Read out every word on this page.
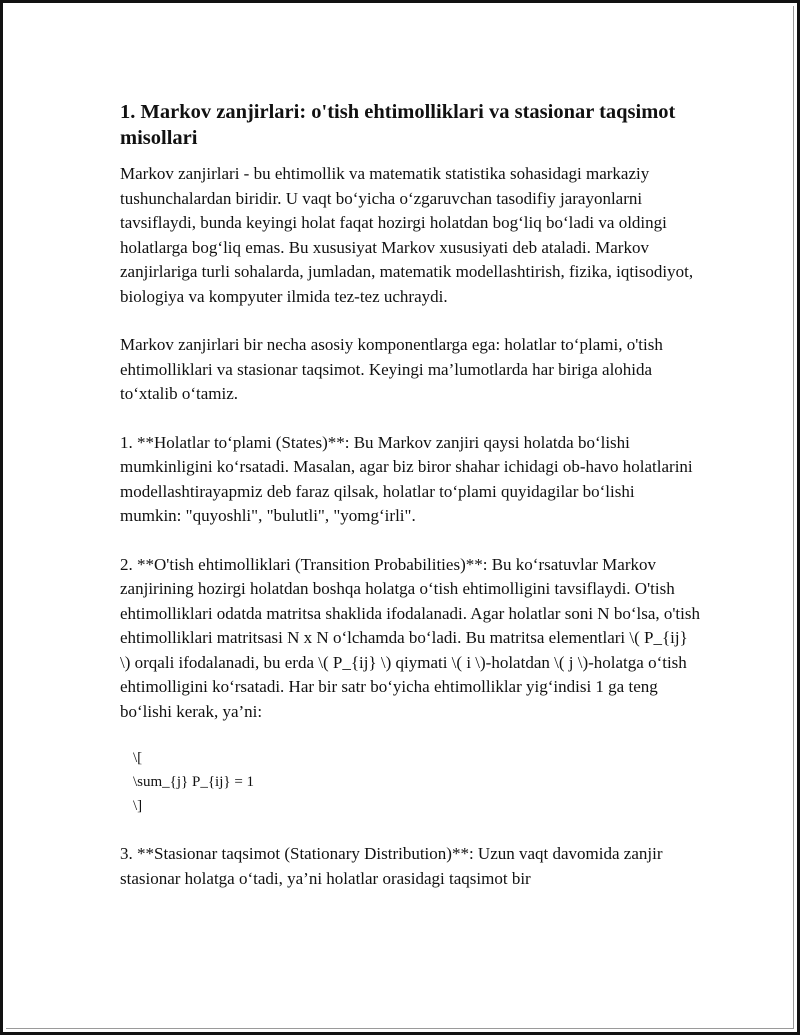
1. Markov zanjirlari: o'tish ehtimolliklari va stasionar taqsimot misollari

Markov zanjirlari - bu ehtimollik va matematik statistika sohasidagi markaziy tushunchalardan biridir. U vaqt bo‘yicha o‘zgaruvchan tasodifiy jarayonlarni tavsiflaydi, bunda keyingi holat faqat hozirgi holatdan bog‘liq bo‘ladi va oldingi holatlarga bog‘liq emas. Bu xususiyat Markov xususiyati deb ataladi. Markov zanjirlariga turli sohalarda, jumladan, matematik modellashtirish, fizika, iqtisodiyot, biologiya va kompyuter ilmida tez-tez uchraydi.

Markov zanjirlari bir necha asosiy komponentlarga ega: holatlar to‘plami, o'tish ehtimolliklari va stasionar taqsimot. Keyingi ma’lumotlarda har biriga alohida to‘xtalib o‘tamiz.

1. **Holatlar to‘plami (States)**: Bu Markov zanjiri qaysi holatda bo‘lishi mumkinligini ko‘rsatadi. Masalan, agar biz biror shahar ichidagi ob-havo holatlarini modellashtirayapmiz deb faraz qilsak, holatlar to‘plami quyidagilar bo‘lishi mumkin: "quyoshli", "bulutli", "yomg‘irli".

2. **O'tish ehtimolliklari (Transition Probabilities)**: Bu ko‘rsatuvlar Markov zanjirining hozirgi holatdan boshqa holatga o‘tish ehtimolligini tavsiflaydi. O'tish ehtimolliklari odatda matritsa shaklida ifodalanadi. Agar holatlar soni N bo‘lsa, o'tish ehtimolliklari matritsasi N x N o‘lchamda bo‘ladi. Bu matritsa elementlari \( P_{ij} \) orqali ifodalanadi, bu erda \( P_{ij} \) qiymati \( i \)-holatdan \( j \)-holatga o‘tish ehtimolligini ko‘rsatadi. Har bir satr bo‘yicha ehtimolliklar yig‘indisi 1 ga teng bo‘lishi kerak, ya’ni:

\[
\sum_{j} P_{ij} = 1
\]

3. **Stasionar taqsimot (Stationary Distribution)**: Uzun vaqt davomida zanjir stasionar holatga o‘tadi, ya’ni holatlar orasidagi taqsimot bir
